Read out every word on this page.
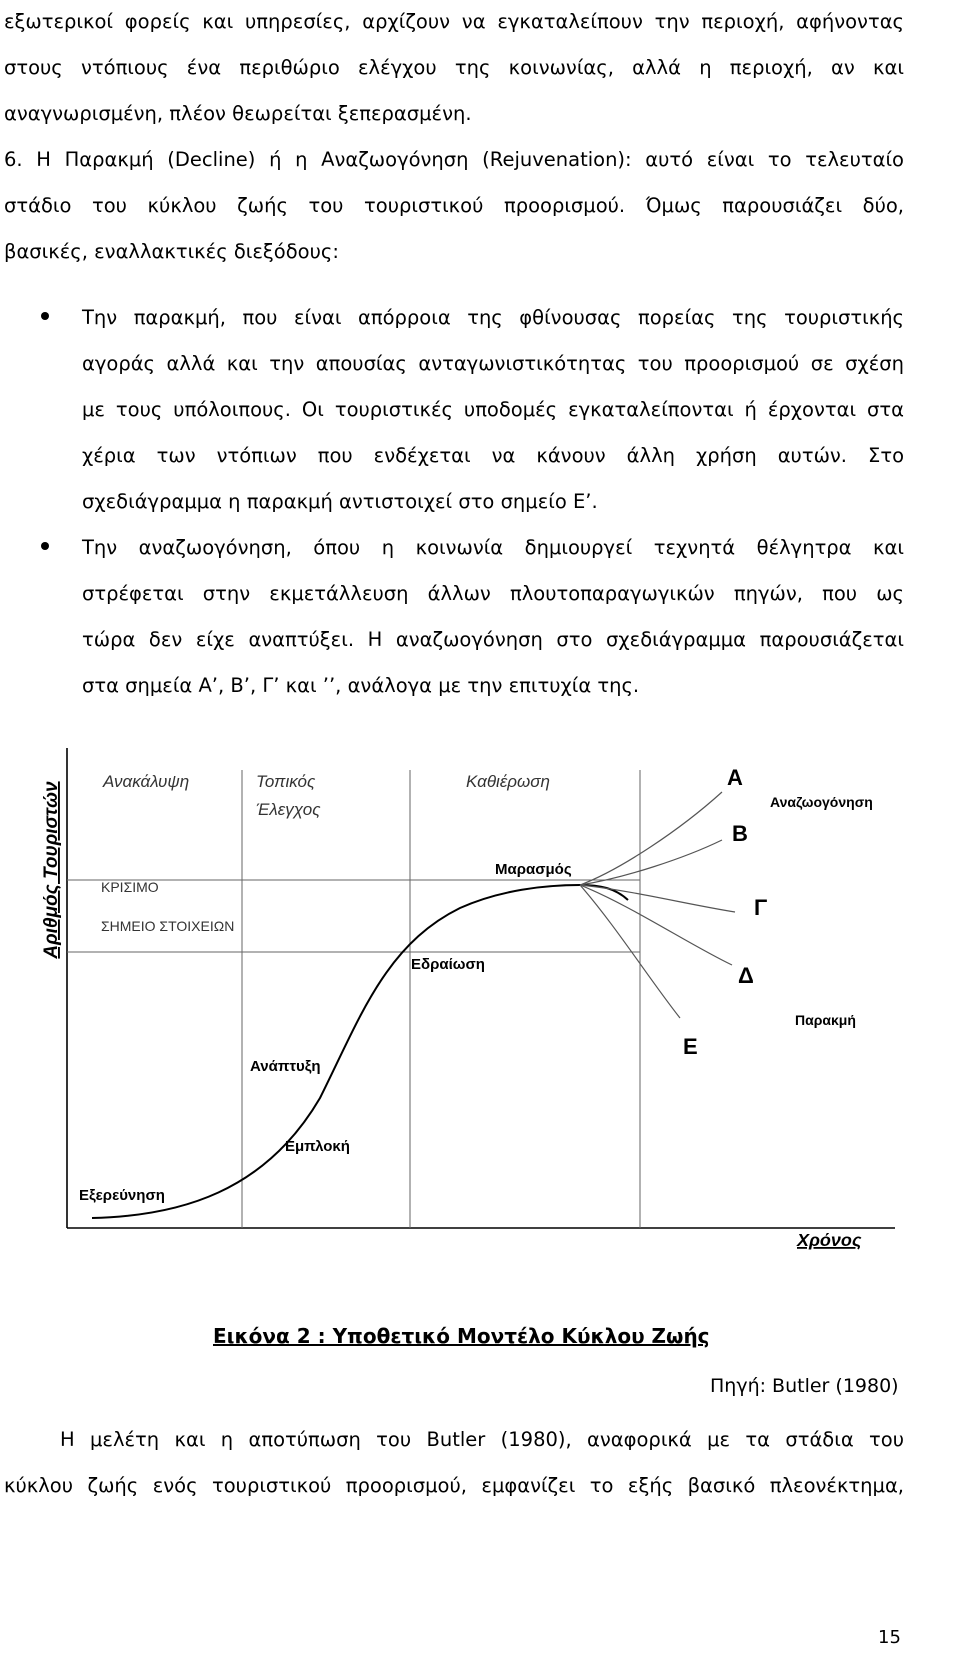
εξωτερικοί φορείς και υπηρεσίες, αρχίζουν να εγκαταλείπουν την περιοχή, αφήνοντας
στους ντόπιους ένα περιθώριο ελέγχου της κοινωνίας, αλλά η περιοχή, αν και
αναγνωρισμένη, πλέον θεωρείται ξεπερασμένη.
6. Η Παρακμή (Decline) ή η Αναζωογόνηση (Rejuvenation): αυτό είναι το τελευταίο
στάδιο του κύκλου ζωής του τουριστικού προορισμού. Όμως παρουσιάζει δύο,
βασικές, εναλλακτικές διεξόδους:
Την παρακμή, που είναι απόρροια της φθίνουσας πορείας της τουριστικής
αγοράς αλλά και την απουσίας ανταγωνιστικότητας του προορισμού σε σχέση
με τους υπόλοιπους. Οι τουριστικές υποδομές εγκαταλείπονται ή έρχονται στα
χέρια των ντόπιων που ενδέχεται να κάνουν άλλη χρήση αυτών. Στο
σχεδιάγραμμα η παρακμή αντιστοιχεί στο σημείο Ε’.
Την αναζωογόνηση, όπου η κοινωνία δημιουργεί τεχνητά θέλγητρα και
στρέφεται στην εκμετάλλευση άλλων πλουτοπαραγωγικών πηγών, που ως
τώρα δεν είχε αναπτύξει. Η αναζωογόνηση στο σχεδιάγραμμα παρουσιάζεται
στα σημεία Α’, Β’, Γ’ και ’’, ανάλογα με την επιτυχία της.
Αριθμός Τουριστών
Χρόνος
Ανακάλυψη	Τοπικός
Έλεγχος
Καθιέρωση
ΚΡΙΣΙΜΟ
ΣΗΜΕΙΟ ΣΤΟΙΧΕΙΩΝ
Εξερεύνηση
Εμπλοκή
Ανάπτυξη
Εδραίωση
Μαρασμός
Α
Β
Γ
Δ
Ε
Αναζωογόνηση
Παρακμή
Εικόνα 2 : Υποθετικό Μοντέλο Κύκλου Ζωής
Πηγή: Butler (1980)
Η μελέτη και η αποτύπωση του Butler (1980), αναφορικά με τα στάδια του
κύκλου ζωής ενός τουριστικού προορισμού, εμφανίζει το εξής βασικό πλεονέκτημα,
15
